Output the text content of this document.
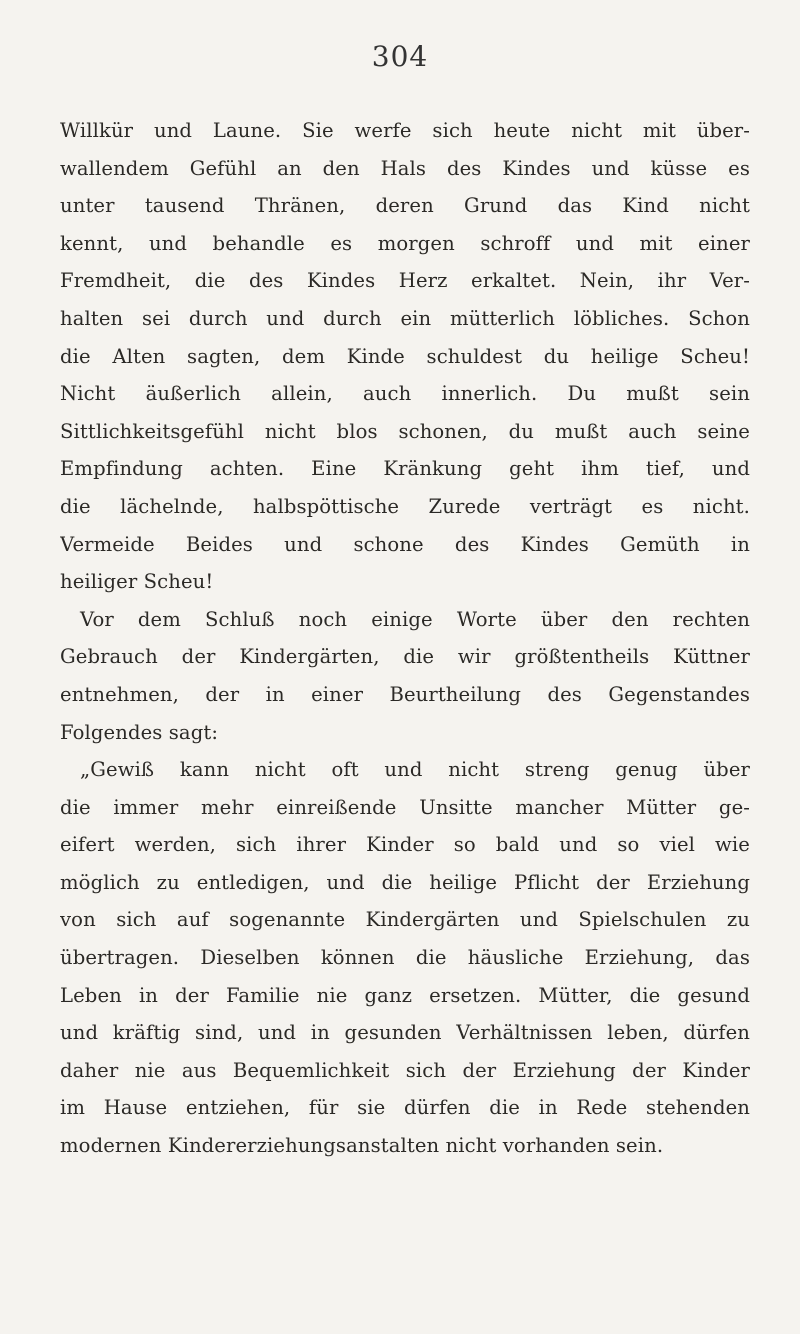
304
Willkür und Laune. Sie werfe sich heute nicht mit über-
wallendem Gefühl an den Hals des Kindes und küsse es
unter tausend Thränen, deren Grund das Kind nicht
kennt, und behandle es morgen schroff und mit einer
Fremdheit, die des Kindes Herz erkaltet. Nein, ihr Ver-
halten sei durch und durch ein mütterlich löbliches. Schon
die Alten sagten, dem Kinde schuldest du heilige Scheu!
Nicht äußerlich allein, auch innerlich. Du mußt sein
Sittlichkeitsgefühl nicht blos schonen, du mußt auch seine
Empfindung achten. Eine Kränkung geht ihm tief, und
die lächelnde, halbspöttische Zurede verträgt es nicht.
Vermeide Beides und schone des Kindes Gemüth in
heiliger Scheu!
Vor dem Schluß noch einige Worte über den rechten
Gebrauch der Kindergärten, die wir größtentheils Küttner
entnehmen, der in einer Beurtheilung des Gegenstandes
Folgendes sagt:
„Gewiß kann nicht oft und nicht streng genug über
die immer mehr einreißende Unsitte mancher Mütter ge-
eifert werden, sich ihrer Kinder so bald und so viel wie
möglich zu entledigen, und die heilige Pflicht der Erziehung
von sich auf sogenannte Kindergärten und Spielschulen zu
übertragen. Dieselben können die häusliche Erziehung, das
Leben in der Familie nie ganz ersetzen. Mütter, die gesund
und kräftig sind, und in gesunden Verhältnissen leben, dürfen
daher nie aus Bequemlichkeit sich der Erziehung der Kinder
im Hause entziehen, für sie dürfen die in Rede stehenden
modernen Kindererziehungsanstalten nicht vorhanden sein.
